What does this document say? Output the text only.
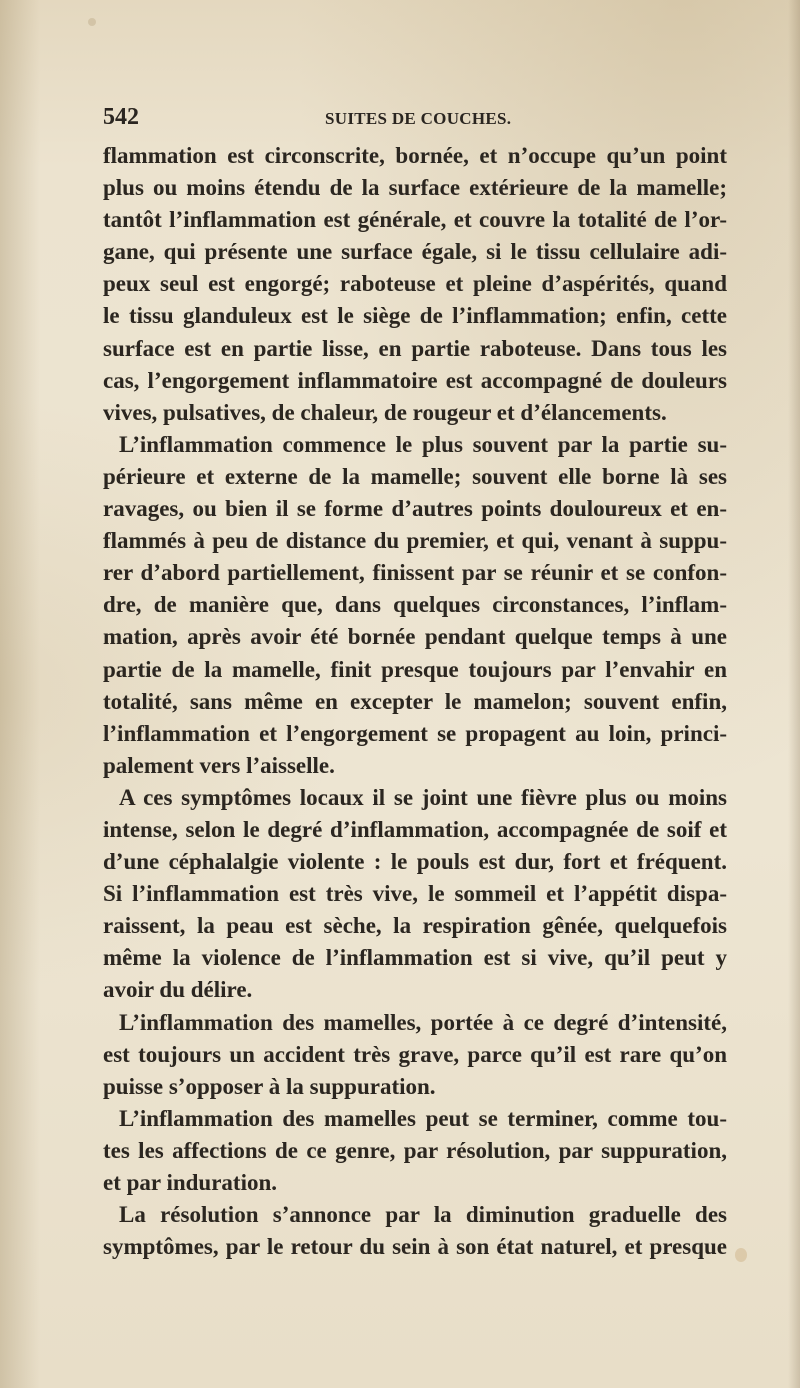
542	SUITES DE COUCHES.
flammation est circonscrite, bornée, et n’occupe qu’un point
plus ou moins étendu de la surface extérieure de la mamelle;
tantôt l’inflammation est générale, et couvre la totalité de l’or-
gane, qui présente une surface égale, si le tissu cellulaire adi-
peux seul est engorgé; raboteuse et pleine d’aspérités, quand
le tissu glanduleux est le siège de l’inflammation; enfin, cette
surface est en partie lisse, en partie raboteuse. Dans tous les
cas, l’engorgement inflammatoire est accompagné de douleurs
vives, pulsatives, de chaleur, de rougeur et d’élancements.
L’inflammation commence le plus souvent par la partie su-
périeure et externe de la mamelle; souvent elle borne là ses
ravages, ou bien il se forme d’autres points douloureux et en-
flammés à peu de distance du premier, et qui, venant à suppu-
rer d’abord partiellement, finissent par se réunir et se confon-
dre, de manière que, dans quelques circonstances, l’inflam-
mation, après avoir été bornée pendant quelque temps à une
partie de la mamelle, finit presque toujours par l’envahir en
totalité, sans même en excepter le mamelon; souvent enfin,
l’inflammation et l’engorgement se propagent au loin, princi-
palement vers l’aisselle.
A ces symptômes locaux il se joint une fièvre plus ou moins
intense, selon le degré d’inflammation, accompagnée de soif et
d’une céphalalgie violente : le pouls est dur, fort et fréquent.
Si l’inflammation est très vive, le sommeil et l’appétit dispa-
raissent, la peau est sèche, la respiration gênée, quelquefois
même la violence de l’inflammation est si vive, qu’il peut y
avoir du délire.
L’inflammation des mamelles, portée à ce degré d’intensité,
est toujours un accident très grave, parce qu’il est rare qu’on
puisse s’opposer à la suppuration.
L’inflammation des mamelles peut se terminer, comme tou-
tes les affections de ce genre, par résolution, par suppuration,
et par induration.
La résolution s’annonce par la diminution graduelle des
symptômes, par le retour du sein à son état naturel, et presque
